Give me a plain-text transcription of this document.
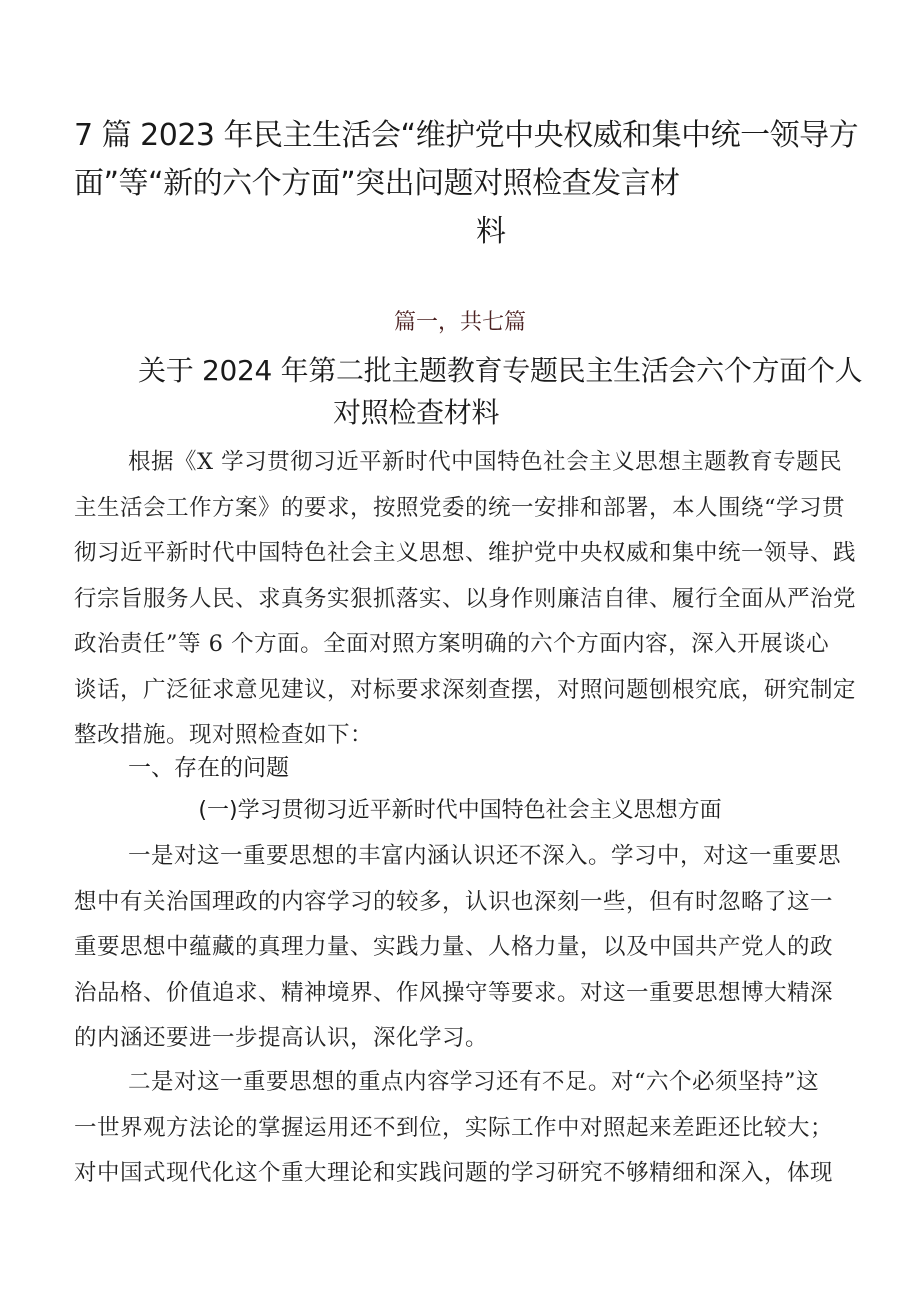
7 篇 2023 年民主生活会“维护党中央权威和集中统一领导方
面”等“新的六个方面”突出问题对照检查发言材
料
篇一，共七篇
关于 2024 年第二批主题教育专题民主生活会六个方面个人
对照检查材料

根据《X 学习贯彻习近平新时代中国特色社会主义思想主题教育专题民
主生活会工作方案》的要求，按照党委的统一安排和部署，本人围绕“学习贯
彻习近平新时代中国特色社会主义思想、维护党中央权威和集中统一领导、践
行宗旨服务人民、求真务实狠抓落实、以身作则廉洁自律、履行全面从严治党
政治责任”等 6 个方面。全面对照方案明确的六个方面内容，深入开展谈心
谈话，广泛征求意见建议，对标要求深刻查摆，对照问题刨根究底，研究制定
整改措施。现对照检查如下：

一、存在的问题
(一)学习贯彻习近平新时代中国特色社会主义思想方面

一是对这一重要思想的丰富内涵认识还不深入。学习中，对这一重要思
想中有关治国理政的内容学习的较多，认识也深刻一些，但有时忽略了这一
重要思想中蕴藏的真理力量、实践力量、人格力量，以及中国共产党人的政
治品格、价值追求、精神境界、作风操守等要求。对这一重要思想博大精深
的内涵还要进一步提高认识，深化学习。

二是对这一重要思想的重点内容学习还有不足。对“六个必须坚持”这
一世界观方法论的掌握运用还不到位，实际工作中对照起来差距还比较大；
对中国式现代化这个重大理论和实践问题的学习研究不够精细和深入，体现
